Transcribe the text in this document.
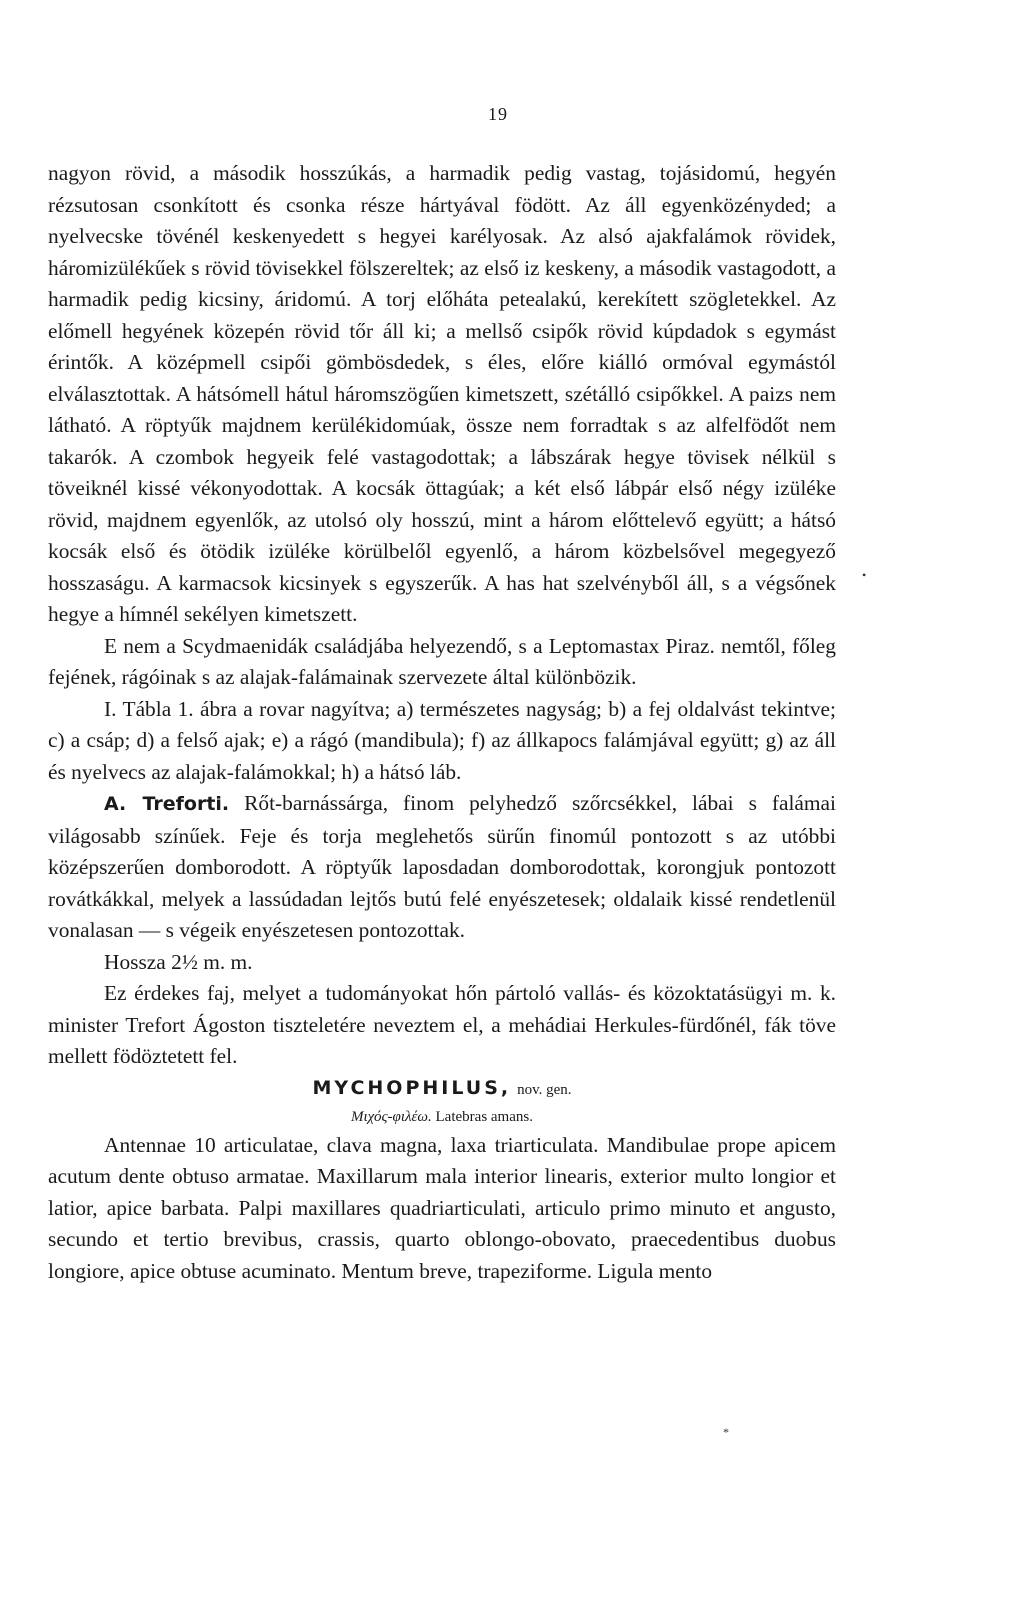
19

nagyon rövid, a második hosszúkás, a harmadik pedig vastag, tojásidomú, hegyén rézsutosan csonkított és csonka része hártyával födött. Az áll egyenközényded; a nyelvecske tövénél keskenyedett s hegyei karélyosak. Az alsó ajakfalámok rövidek, háromizülékűek s rövid tövisekkel fölszereltek; az első iz keskeny, a második vastagodott, a harmadik pedig kicsiny, áridomú. A torj előháta petealakú, kerekített szögletekkel. Az előmell hegyének közepén rövid tőr áll ki; a mellső csipők rövid kúpdadok s egymást érintők. A középmell csipői gömbösdedek, s éles, előre kiálló ormóval egymástól elválasztottak. A hátsómell hátul háromszögűen kimetszett, szétálló csipőkkel. A paizs nem látható. A röptyűk majdnem kerülékidomúak, össze nem forradtak s az alfelfödőt nem takarók. A czombok hegyeik felé vastagodottak; a lábszárak hegye tövisek nélkül s töveiknél kissé vékonyodottak. A kocsák öttagúak; a két első lábpár első négy izüléke rövid, majdnem egyenlők, az utolsó oly hosszú, mint a három előttelevő együtt; a hátsó kocsák első és ötödik izüléke körülbelől egyenlő, a három közbelsővel megegyező hosszaságu. A karmacsok kicsinyek s egyszerűk. A has hat szelvényből áll, s a végsőnek hegye a hímnél sekélyen kimetszett.

E nem a Scydmaenidák családjába helyezendő, s a Leptomastax Piraz. nemtől, főleg fejének, rágóinak s az alajak-falámainak szervezete által különbözik.

I. Tábla 1. ábra a rovar nagyítva; a) természetes nagyság; b) a fej oldalvást tekintve; c) a csáp; d) a felső ajak; e) a rágó (mandibula); f) az állkapocs falámjával együtt; g) az áll és nyelvecs az alajak-falámokkal; h) a hátsó láb.

A. Treforti. Rőt-barnássárga, finom pelyhedző szőrcsékkel, lábai s falámai világosabb színűek. Feje és torja meglehetős sürűn finomúl pontozott s az utóbbi középszerűen domborodott. A röptyűk laposdadan domborodottak, korongjuk pontozott rovátkákkal, melyek a lassúdadan lejtős butú felé enyészetesek; oldalaik kissé rendetlenül vonalasan — s végeik enyészetesen pontozottak.

Hossza 2½ m. m.

Ez érdekes faj, melyet a tudományokat hőn pártoló vallás- és közoktatásügyi m. k. minister Trefort Ágoston tiszteletére neveztem el, a mehádiai Herkules-fürdőnél, fák töve mellett födöztetett fel.

MYCHOPHILUS, nov. gen.

Μιχός-φιλέω. Latebras amans.

Antennae 10 articulatae, clava magna, laxa triarticulata. Mandibulae prope apicem acutum dente obtuso armatae. Maxillarum mala interior linearis, exterior multo longior et latior, apice barbata. Palpi maxillares quadriarticulati, articulo primo minuto et angusto, secundo et tertio brevibus, crassis, quarto oblongo-obovato, praecedentibus duobus longiore, apice obtuse acuminato. Mentum breve, trapeziforme. Ligula mento

•
*
